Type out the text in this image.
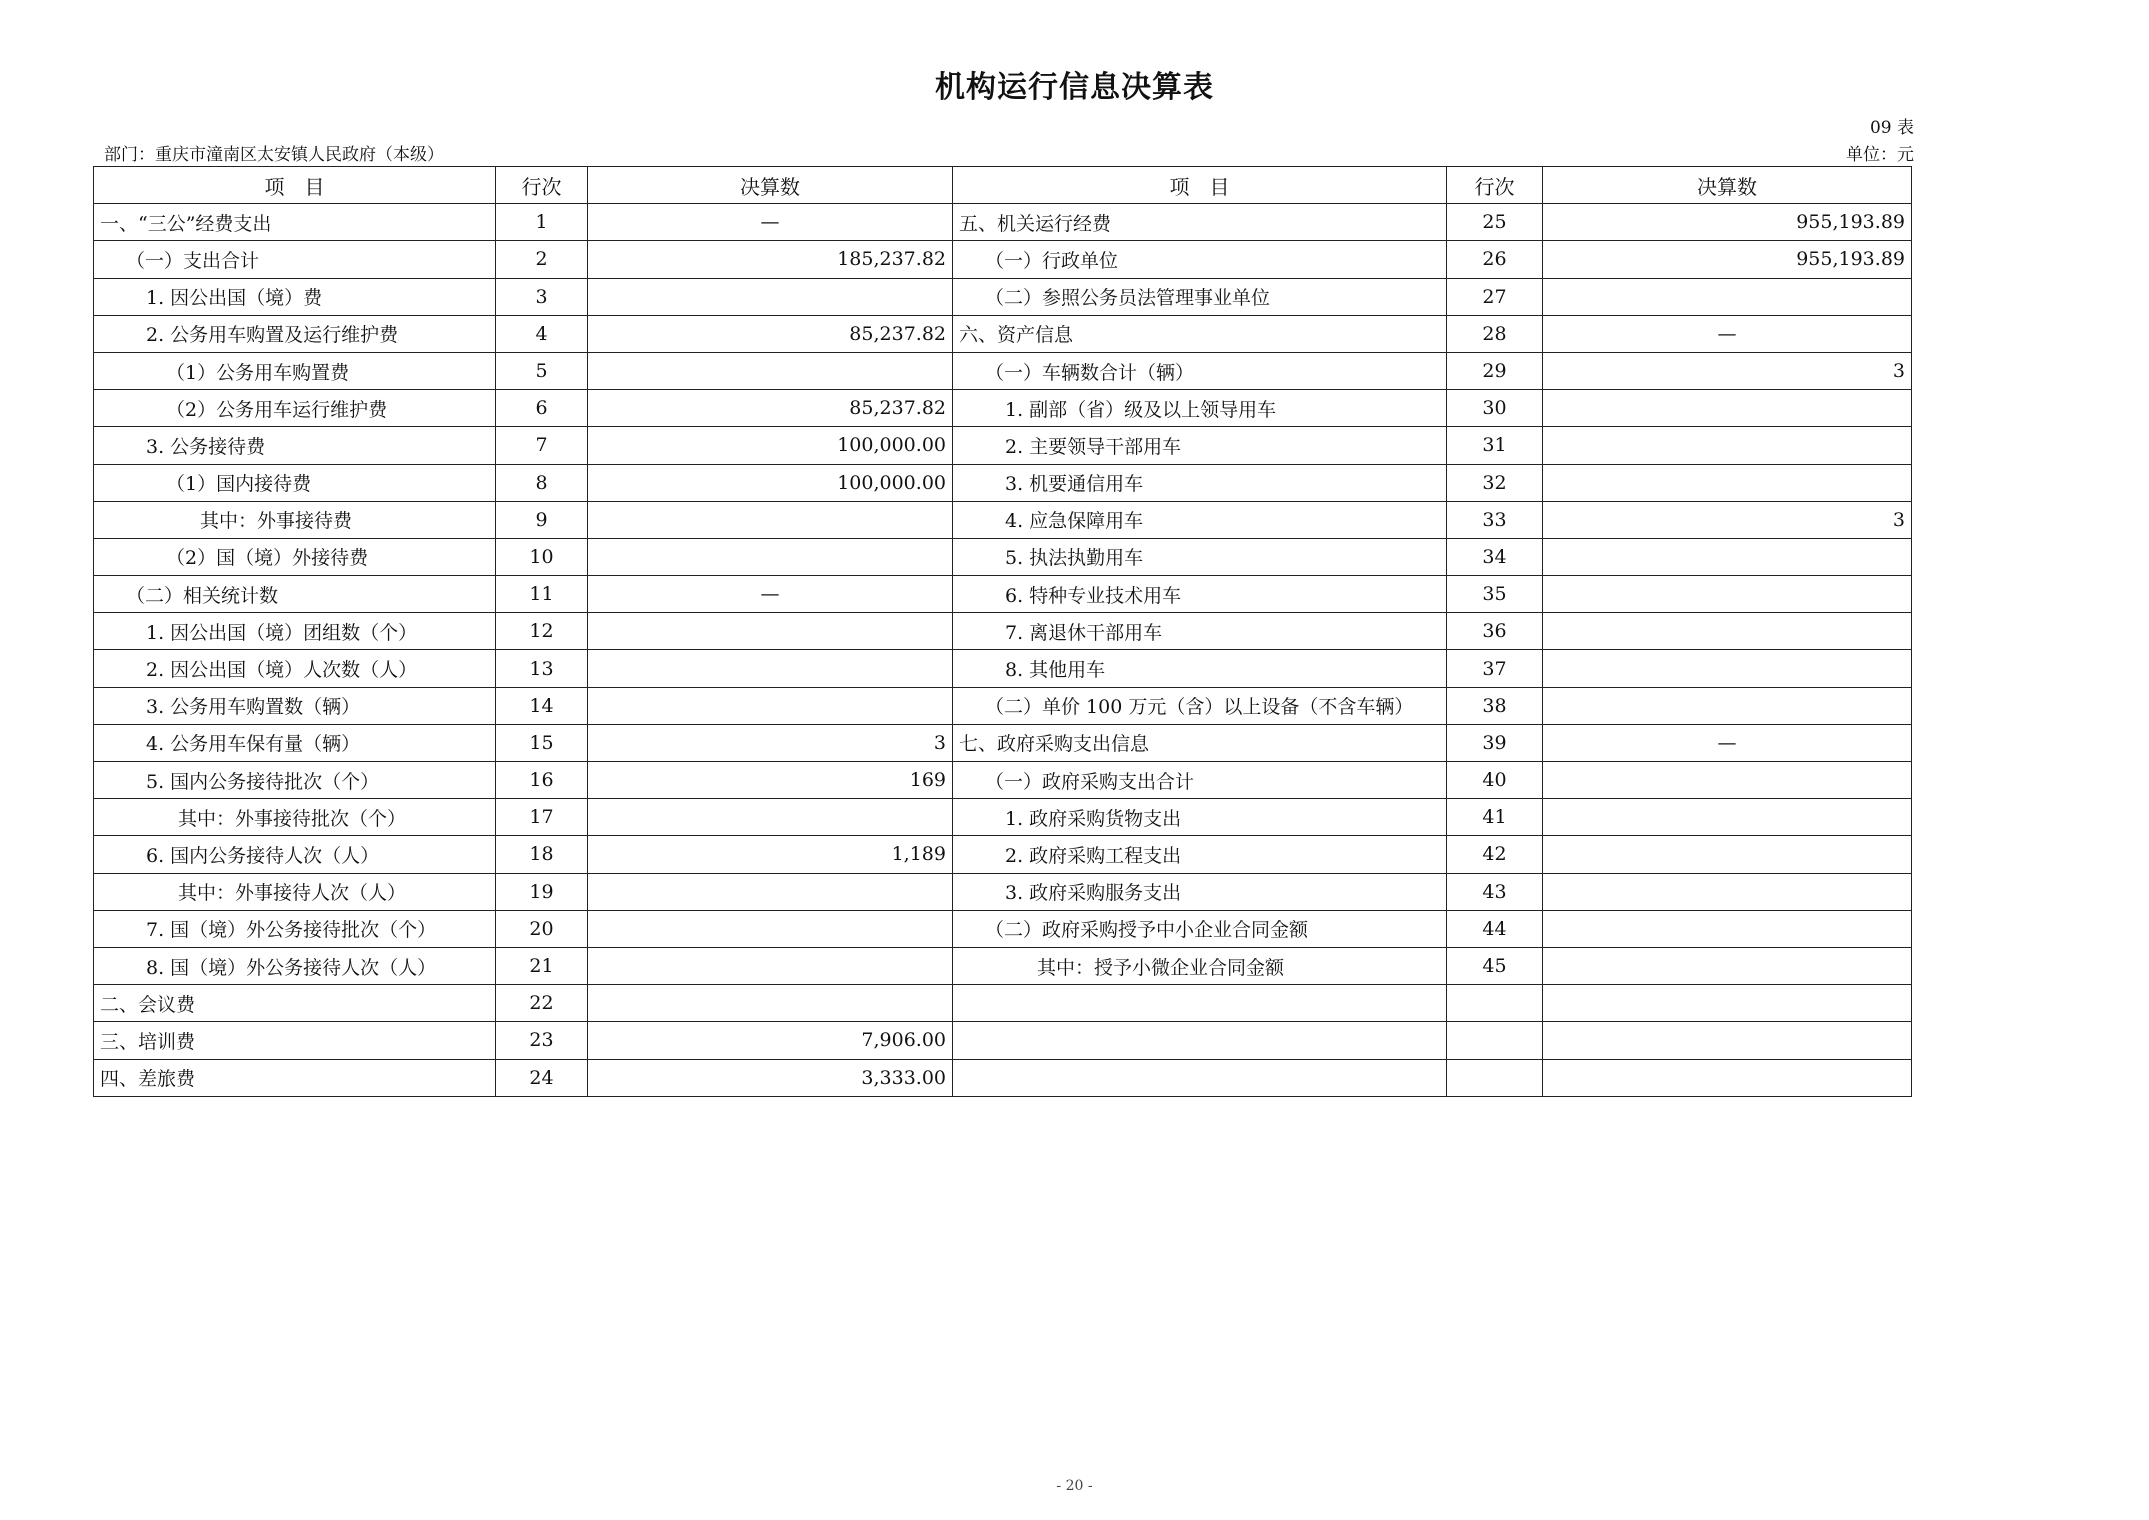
机构运行信息决算表
09 表
部门：重庆市潼南区太安镇人民政府（本级）	单位：元
项　目	行次	决算数	项　目	行次	决算数
一、“三公”经费支出	1	—	五、机关运行经费	25	955,193.89
（一）支出合计	2	185,237.82	（一）行政单位	26	955,193.89
1. 因公出国（境）费	3		（二）参照公务员法管理事业单位	27	
2. 公务用车购置及运行维护费	4	85,237.82	六、资产信息	28	—
（1）公务用车购置费	5		（一）车辆数合计（辆）	29	3
（2）公务用车运行维护费	6	85,237.82	1. 副部（省）级及以上领导用车	30	
3. 公务接待费	7	100,000.00	2. 主要领导干部用车	31	
（1）国内接待费	8	100,000.00	3. 机要通信用车	32	
其中：外事接待费	9		4. 应急保障用车	33	3
（2）国（境）外接待费	10		5. 执法执勤用车	34	
（二）相关统计数	11	—	6. 特种专业技术用车	35	
1. 因公出国（境）团组数（个）	12		7. 离退休干部用车	36	
2. 因公出国（境）人次数（人）	13		8. 其他用车	37	
3. 公务用车购置数（辆）	14		（二）单价 100 万元（含）以上设备（不含车辆）	38	
4. 公务用车保有量（辆）	15	3	七、政府采购支出信息	39	—
5. 国内公务接待批次（个）	16	169	（一）政府采购支出合计	40	
其中：外事接待批次（个）	17		1. 政府采购货物支出	41	
6. 国内公务接待人次（人）	18	1,189	2. 政府采购工程支出	42	
其中：外事接待人次（人）	19		3. 政府采购服务支出	43	
7. 国（境）外公务接待批次（个）	20		（二）政府采购授予中小企业合同金额	44	
8. 国（境）外公务接待人次（人）	21		其中：授予小微企业合同金额	45	
二、会议费	22				
三、培训费	23	7,906.00			
四、差旅费	24	3,333.00			
- 20 -
